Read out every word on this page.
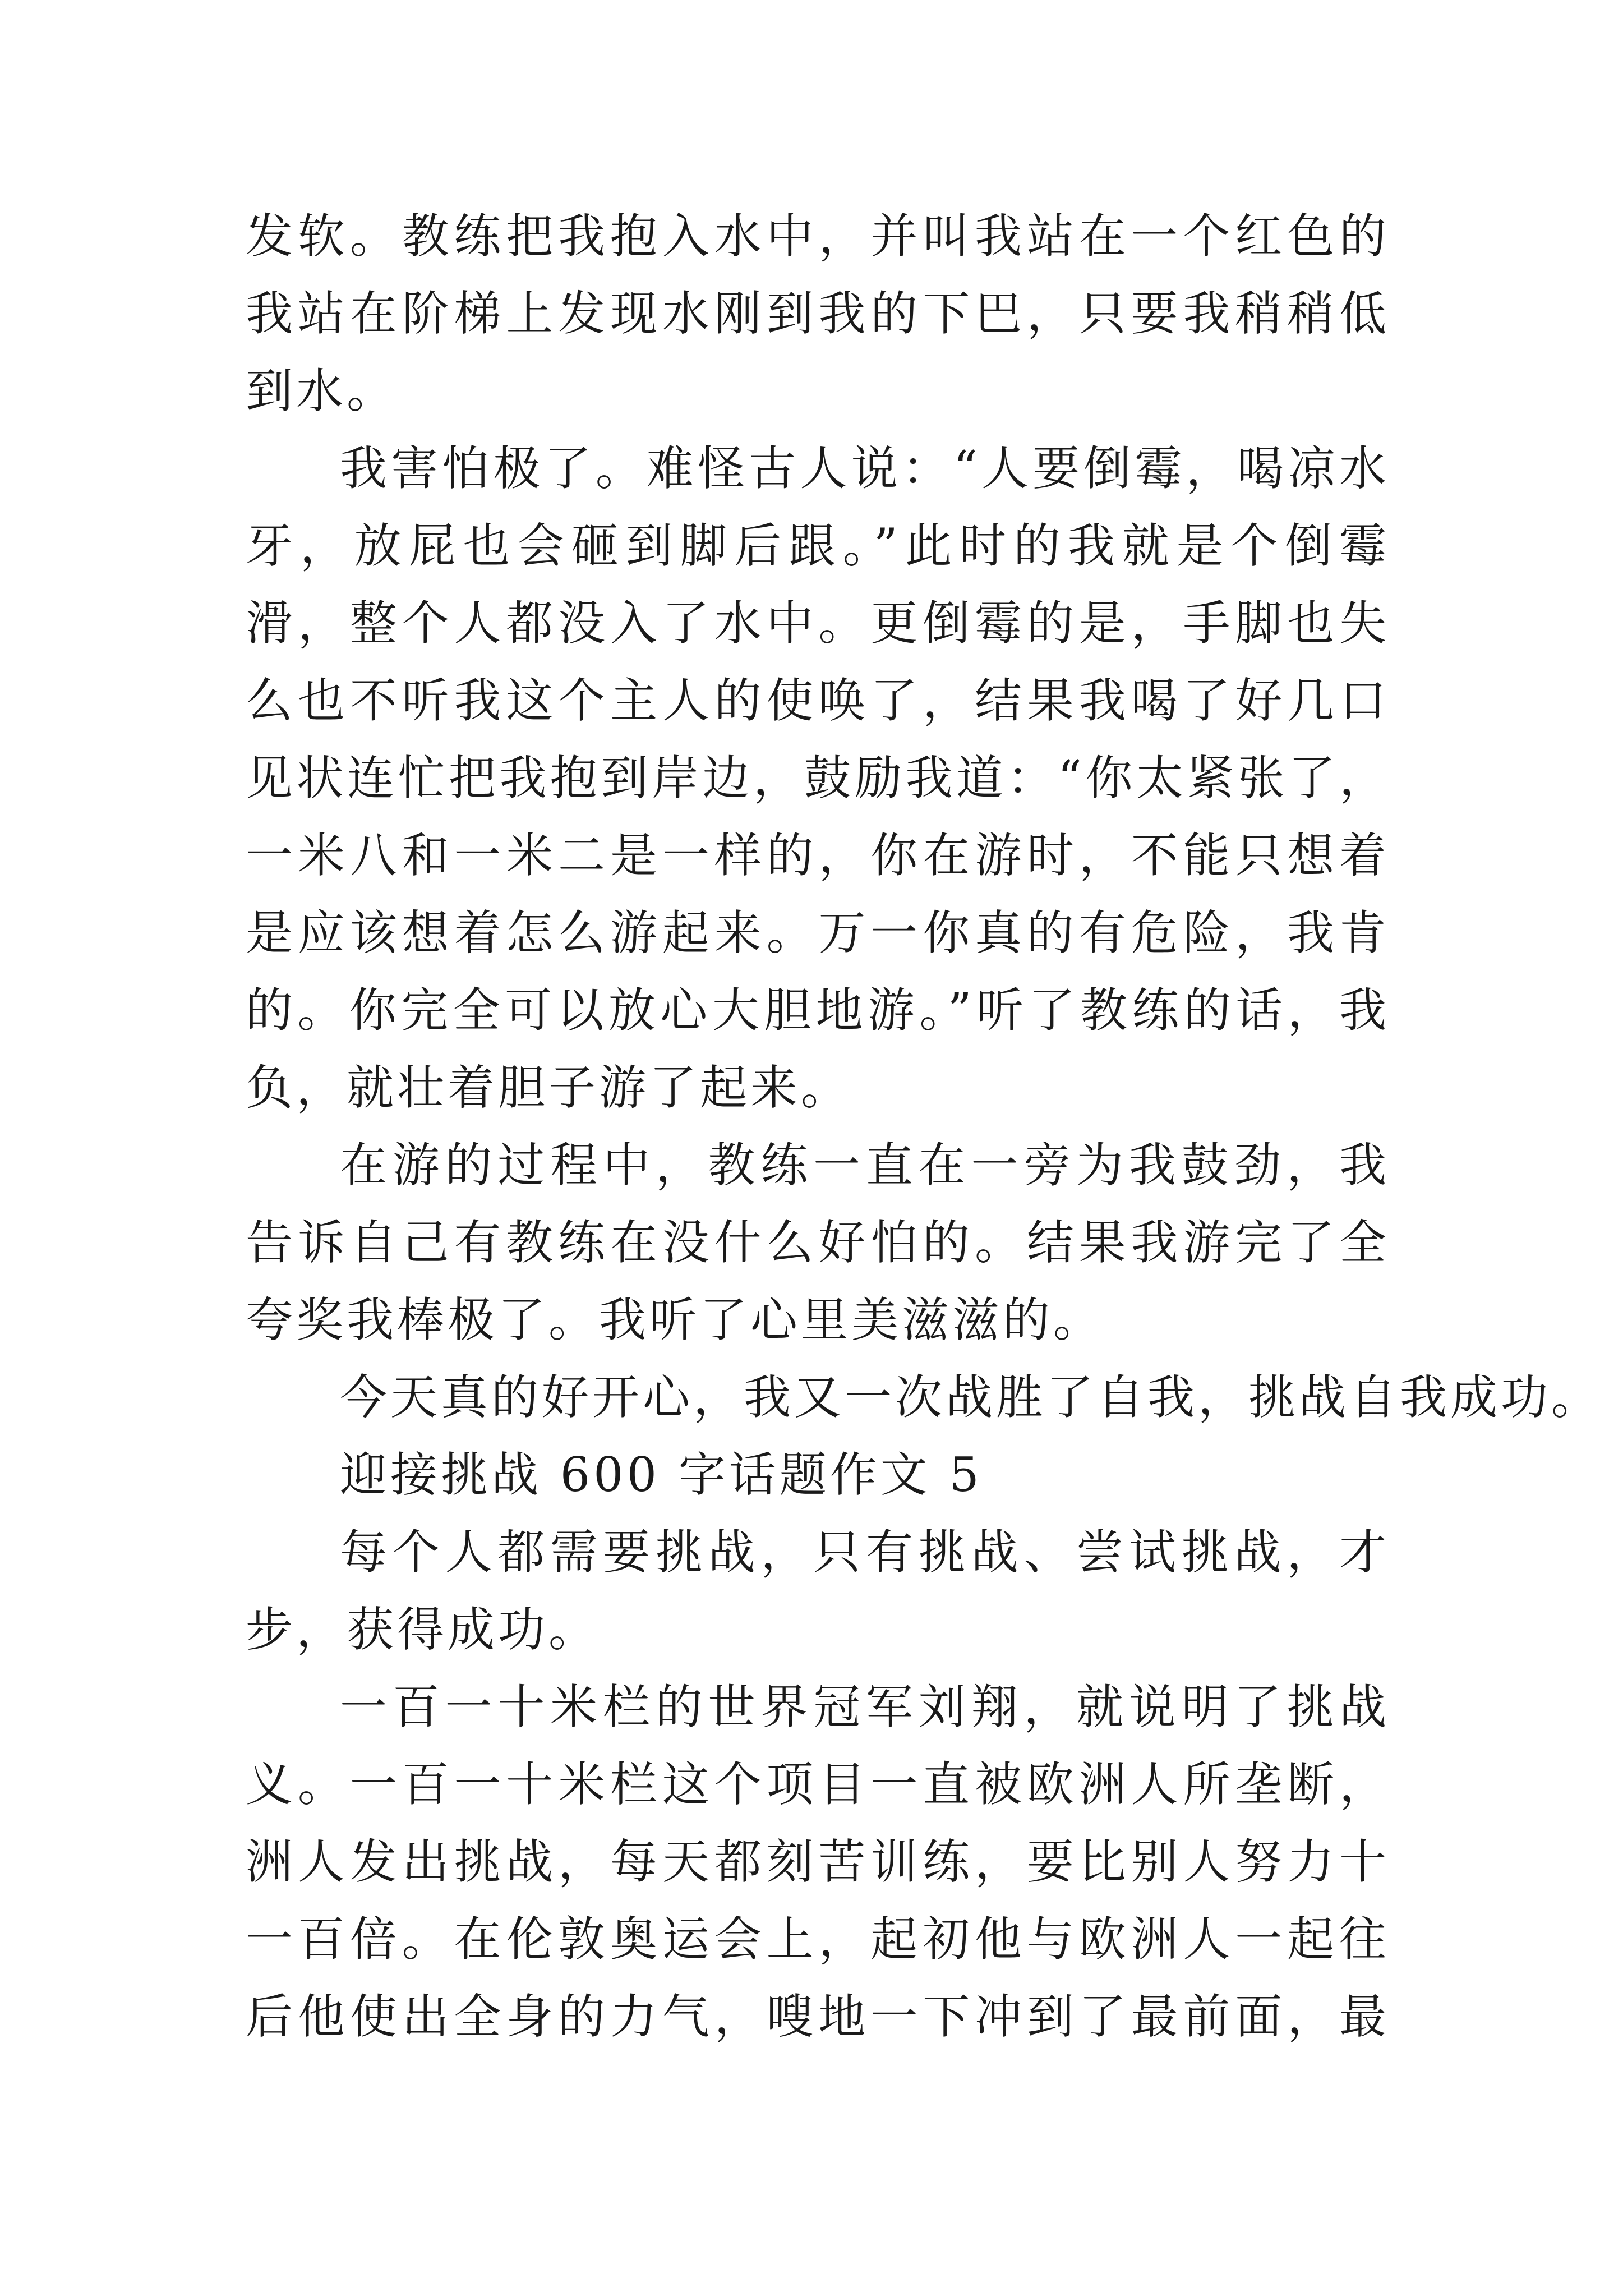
发软。教练把我抱入水中，并叫我站在一个红色的
我站在阶梯上发现水刚到我的下巴，只要我稍稍低
到水。
我害怕极了。难怪古人说：“人要倒霉，喝凉水
牙，放屁也会砸到脚后跟。”此时的我就是个倒霉
滑，整个人都没入了水中。更倒霉的是，手脚也失
么也不听我这个主人的使唤了，结果我喝了好几口
见状连忙把我抱到岸边，鼓励我道：“你太紧张了，
一米八和一米二是一样的，你在游时，不能只想着
是应该想着怎么游起来。万一你真的有危险，我肯
的。你完全可以放心大胆地游。”听了教练的话，我
负，就壮着胆子游了起来。
在游的过程中，教练一直在一旁为我鼓劲，我
告诉自己有教练在没什么好怕的。结果我游完了全
夸奖我棒极了。我听了心里美滋滋的。
今天真的好开心，我又一次战胜了自我，挑战自我成功。
迎接挑战 600 字话题作文 5
每个人都需要挑战，只有挑战、尝试挑战，才
步，获得成功。
一百一十米栏的世界冠军刘翔，就说明了挑战
义。一百一十米栏这个项目一直被欧洲人所垄断，
洲人发出挑战，每天都刻苦训练，要比别人努力十
一百倍。在伦敦奥运会上，起初他与欧洲人一起往
后他使出全身的力气，嗖地一下冲到了最前面，最
